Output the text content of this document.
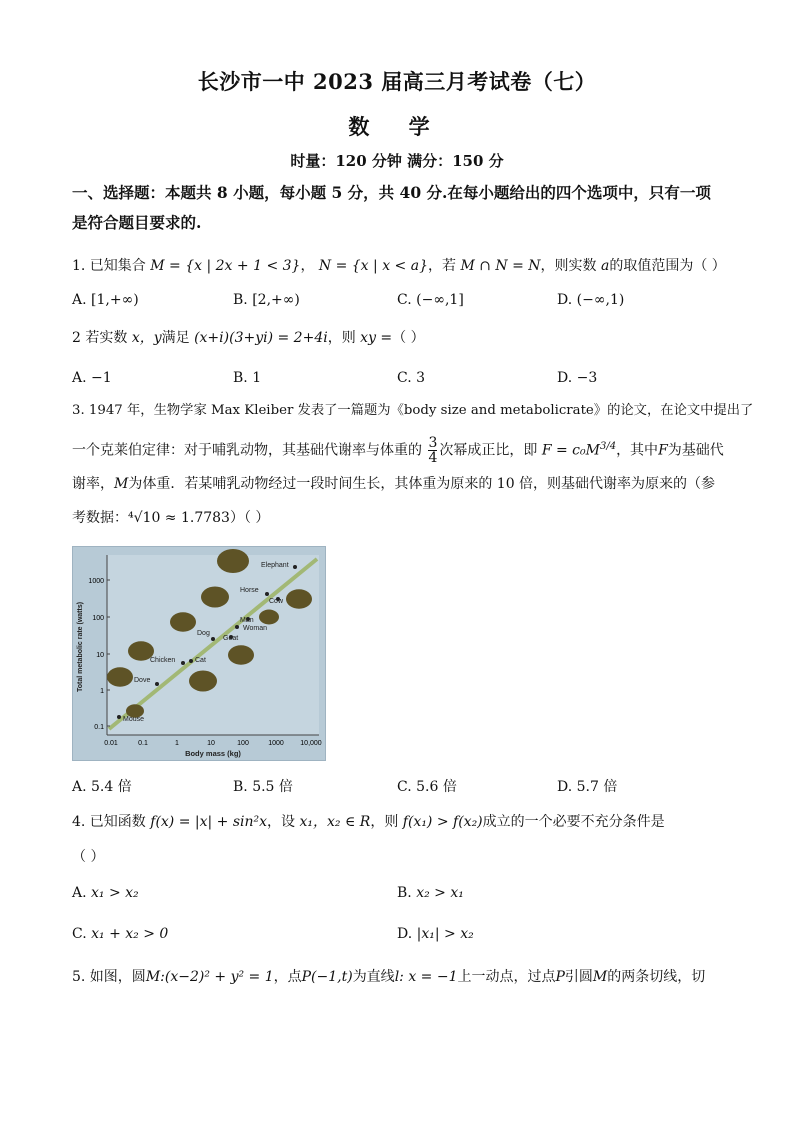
长沙市一中 2023 届高三月考试卷（七）
数 学
时量：120 分钟 满分：150 分
一、选择题：本题共 8 小题，每小题 5 分，共 40 分.在每小题给出的四个选项中，只有一项是符合题目要求的.
1. 已知集合 M = {x | 2x + 1 < 3}， N = {x | x < a}，若 M ∩ N = N，则实数 a的取值范围为（ ）
A. [1,+∞)	B. [2,+∞)	C. (−∞,1]	D. (−∞,1)
2 若实数 x，y满足 (x+i)(3+yi) = 2+4i，则 xy =（ ）
A. −1	B. 1	C. 3	D. −3
3. 1947 年，生物学家 Max Kleiber 发表了一篇题为《body size and metabolicrate》的论文，在论文中提出了
一个克莱伯定律：对于哺乳动物，其基础代谢率与体重的 $\frac{3}{4}$ 次幂成正比，即 $F = c_0M^{3/4}$，其中F为基础代
谢率，M为体重．若某哺乳动物经过一段时间生长，其体重为原来的 10 倍，则基础代谢率为原来的（参
考数据：⁴√10 ≈ 1.7783）（ ）
1000
100
10
1
0.1
0.01	0.1	1	10	100	1000 10,000
Elephant
Horse
Cow
Man
Woman
Dog
Goat
Chicken	Cat
Dove
Mouse
Total metabolic rate (watts)
Body mass (kg)
A. 5.4 倍	B. 5.5 倍	C. 5.6 倍	D. 5.7 倍
4. 已知函数 f(x) = |x| + sin²x，设 x₁，x₂ ∈ R，则 f(x₁) > f(x₂)成立的一个必要不充分条件是
（ ）
A. x₁ > x₂	B. x₂ > x₁
C. x₁ + x₂ > 0	D. |x₁| > x₂
5. 如图，圆M:(x−2)² + y² = 1，点P(−1,t)为直线l: x = −1上一动点，过点P引圆M的两条切线，切
